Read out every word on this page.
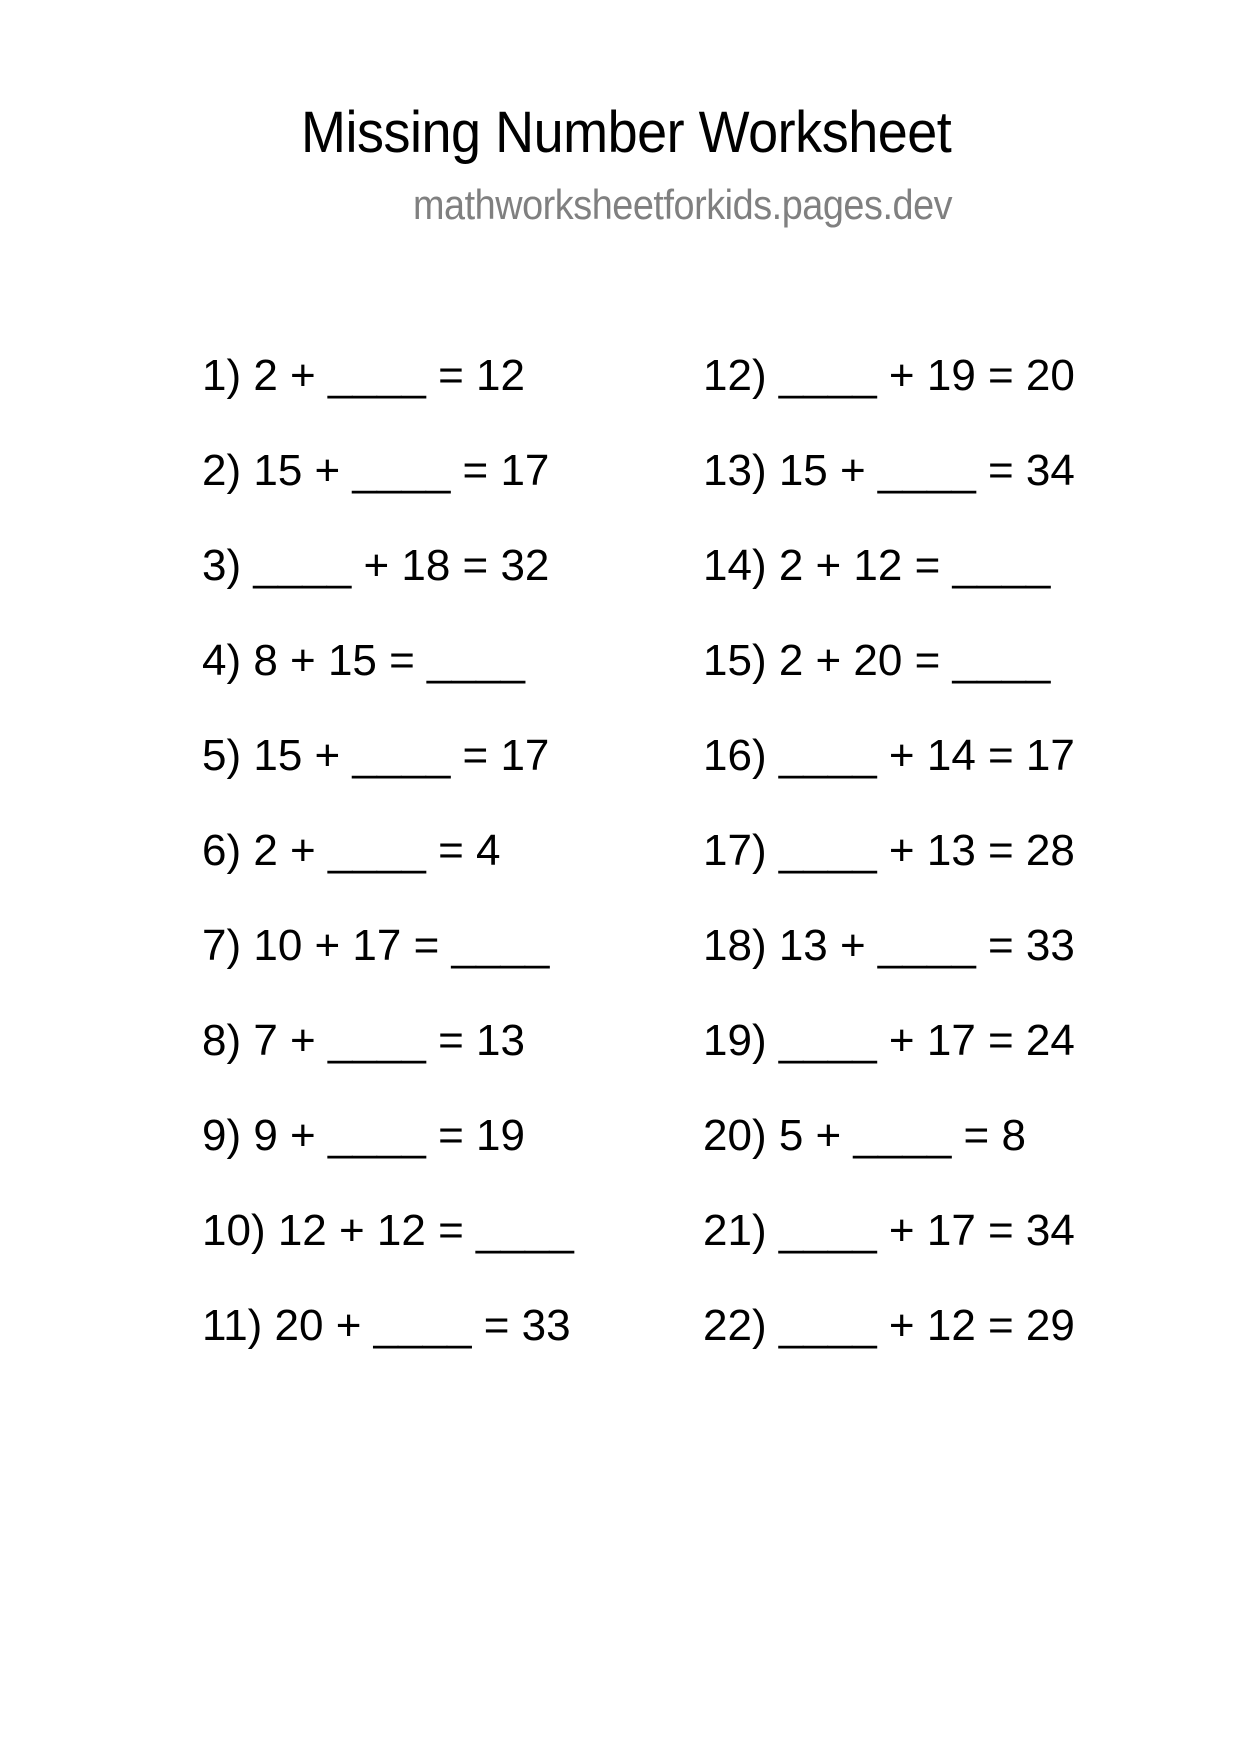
Missing Number Worksheet
mathworksheetforkids.pages.dev
1) 2 + ____ = 12
2) 15 + ____ = 17
3) ____ + 18 = 32
4) 8 + 15 = ____
5) 15 + ____ = 17
6) 2 + ____ = 4
7) 10 + 17 = ____
8) 7 + ____ = 13
9) 9 + ____ = 19
10) 12 + 12 = ____
11) 20 + ____ = 33
12) ____ + 19 = 20
13) 15 + ____ = 34
14) 2 + 12 = ____
15) 2 + 20 = ____
16) ____ + 14 = 17
17) ____ + 13 = 28
18) 13 + ____ = 33
19) ____ + 17 = 24
20) 5 + ____ = 8
21) ____ + 17 = 34
22) ____ + 12 = 29
